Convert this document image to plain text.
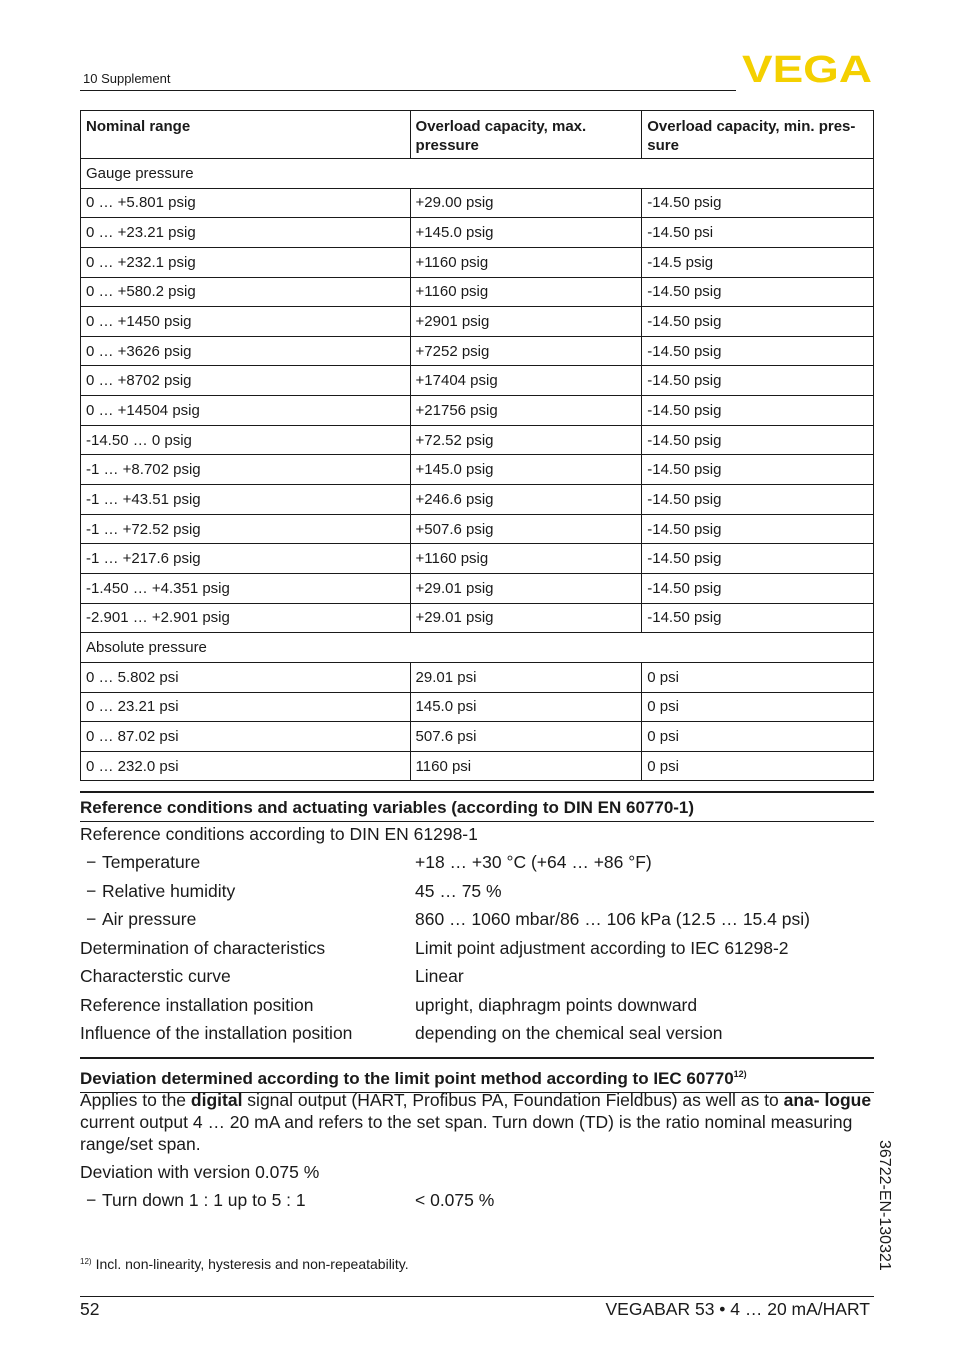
10 Supplement	VEGA
Nominal range	Overload capacity, max. pressure	Overload capacity, min. pres- sure
Gauge pressure		
0 … +5.801 psig	+29.00 psig	-14.50 psig
0 … +23.21 psig	+145.0 psig	-14.50 psi
0 … +232.1 psig	+1160 psig	-14.5 psig
0 … +580.2 psig	+1160 psig	-14.50 psig
0 … +1450 psig	+2901 psig	-14.50 psig
0 … +3626 psig	+7252 psig	-14.50 psig
0 … +8702 psig	+17404 psig	-14.50 psig
0 … +14504 psig	+21756 psig	-14.50 psig
-14.50 … 0 psig	+72.52 psig	-14.50 psig
-1 … +8.702 psig	+145.0 psig	-14.50 psig
-1 … +43.51 psig	+246.6 psig	-14.50 psig
-1 … +72.52 psig	+507.6 psig	-14.50 psig
-1 … +217.6 psig	+1160 psig	-14.50 psig
-1.450 … +4.351 psig	+29.01 psig	-14.50 psig
-2.901 … +2.901 psig	+29.01 psig	-14.50 psig
Absolute pressure		
0 … 5.802 psi	29.01 psi	0 psi
0 … 23.21 psi	145.0 psi	0 psi
0 … 87.02 psi	507.6 psi	0 psi
0 … 232.0 psi	1160 psi	0 psi
Reference conditions and actuating variables (according to DIN EN 60770-1)
Reference conditions according to DIN EN 61298-1
− Temperature	+18 … +30 °C (+64 … +86 °F)
− Relative humidity	45 … 75 %
− Air pressure	860 … 1060 mbar/86 … 106 kPa (12.5 … 15.4 psi)
Determination of characteristics	Limit point adjustment according to IEC 61298-2
Characterstic curve	Linear
Reference installation position	upright, diaphragm points downward
Influence of the installation position	depending on the chemical seal version
Deviation determined according to the limit point method according to IEC 60770$^{12)}$
Applies to the digital signal output (HART, Profibus PA, Foundation Fieldbus) as well as to ana- logue current output 4 … 20 mA and refers to the set span. Turn down (TD) is the ratio nominal measuring range/set span.
Deviation with version 0.075 %
− Turn down 1 : 1 up to 5 : 1	< 0.075 %
$^{12)}$ Incl. non-linearity, hysteresis and non-repeatability.
52	VEGABAR 53 • 4 … 20 mA/HART
36722-EN-130321
